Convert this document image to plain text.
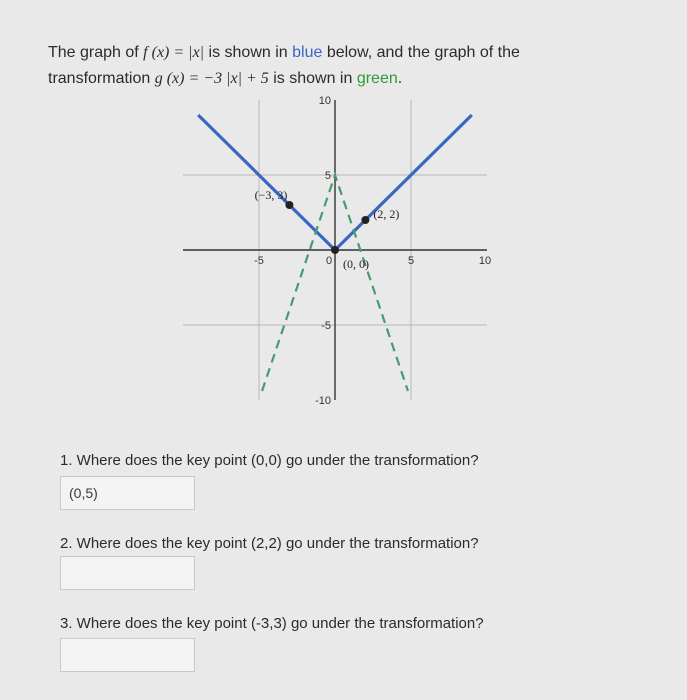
The graph of f (x) = |x| is shown in blue below, and the graph of the
transformation g (x) = −3 |x| + 5 is shown in green.
-5	0	5	10
10
5
-5
-10
(−3, 3)
(2, 2)
(0, 0)
1. Where does the key point (0,0) go under the transformation?
(0,5)
2. Where does the key point (2,2) go under the transformation?
3. Where does the key point (-3,3) go under the transformation?
